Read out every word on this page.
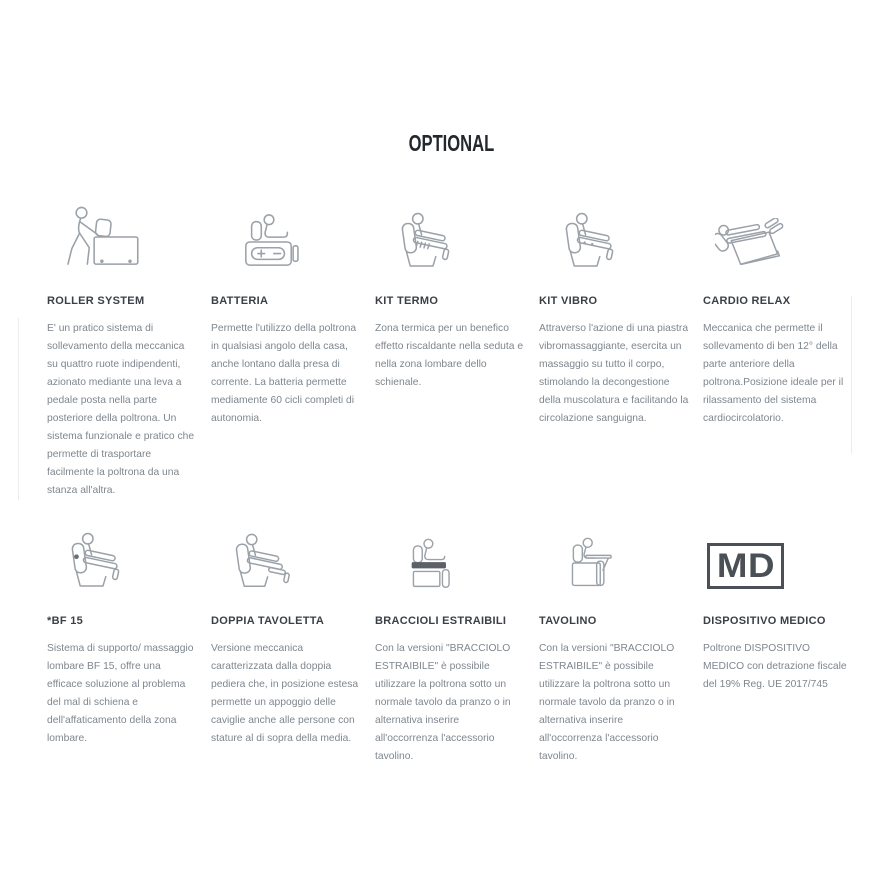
OPTIONAL
ROLLER SYSTEM

E' un pratico sistema di sollevamento della meccanica su quattro ruote indipendenti, azionato mediante una leva a pedale posta nella parte posteriore della poltrona. Un sistema funzionale e pratico che permette di trasportare facilmente la poltrona da una stanza all'altra.

BATTERIA

Permette l'utilizzo della poltrona in qualsiasi angolo della casa, anche lontano dalla presa di corrente. La batteria permette mediamente 60 cicli completi di autonomia.

KIT TERMO

Zona termica per un benefico effetto riscaldante nella seduta e nella zona lombare dello schienale.

KIT VIBRO

Attraverso l'azione di una piastra vibromassaggiante, esercita un massaggio su tutto il corpo, stimolando la decongestione della muscolatura e facilitando la circolazione sanguigna.

CARDIO RELAX

Meccanica che permette il sollevamento di ben 12° della parte anteriore della poltrona.Posizione ideale per il rilassamento del sistema cardiocircolatorio.

*BF 15

Sistema di supporto/ massaggio lombare BF 15, offre una efficace soluzione al problema del mal di schiena e dell'affaticamento della zona lombare.

DOPPIA TAVOLETTA

Versione meccanica caratterizzata dalla doppia pediera che, in posizione estesa permette un appoggio delle caviglie anche alle persone con stature al di sopra della media.

BRACCIOLI ESTRAIBILI

Con la versioni "BRACCIOLO ESTRAIBILE" è possibile utilizzare la poltrona sotto un normale tavolo da pranzo o in alternativa inserire all'occorrenza l'accessorio tavolino.

TAVOLINO

Con la versioni "BRACCIOLO ESTRAIBILE" è possibile utilizzare la poltrona sotto un normale tavolo da pranzo o in alternativa inserire all'occorrenza l'accessorio tavolino.

MD
DISPOSITIVO MEDICO

Poltrone DISPOSITIVO MEDICO con detrazione fiscale del 19% Reg. UE 2017/745
